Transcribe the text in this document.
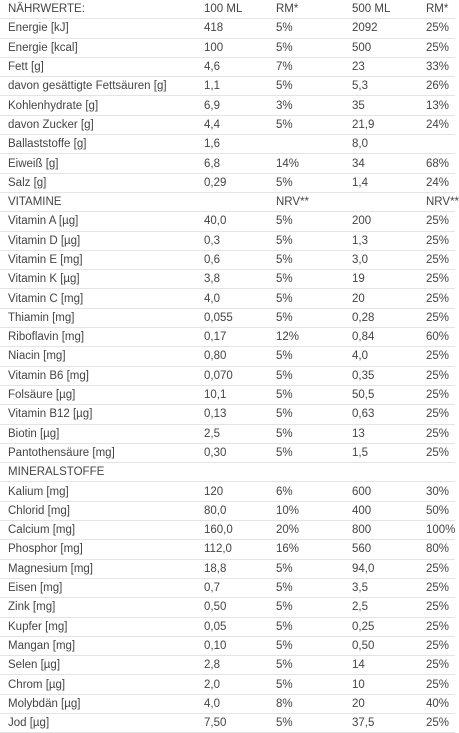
NÄHRWERTE:	100 ML	RM*	500 ML	RM*
Energie [kJ]	418	5%	2092	25%
Energie [kcal]	100	5%	500	25%
Fett [g]	4,6	7%	23	33%
davon gesättigte Fettsäuren [g]	1,1	5%	5,3	26%
Kohlenhydrate [g]	6,9	3%	35	13%
davon Zucker [g]	4,4	5%	21,9	24%
Ballaststoffe [g]	1,6		8,0	
Eiweiß [g]	6,8	14%	34	68%
Salz [g]	0,29	5%	1,4	24%
VITAMINE		NRV**		NRV**
Vitamin A [µg]	40,0	5%	200	25%
Vitamin D [µg]	0,3	5%	1,3	25%
Vitamin E [mg]	0,6	5%	3,0	25%
Vitamin K [µg]	3,8	5%	19	25%
Vitamin C [mg]	4,0	5%	20	25%
Thiamin [mg]	0,055	5%	0,28	25%
Riboflavin [mg]	0,17	12%	0,84	60%
Niacin [mg]	0,80	5%	4,0	25%
Vitamin B6 [mg]	0,070	5%	0,35	25%
Folsäure [µg]	10,1	5%	50,5	25%
Vitamin B12 [µg]	0,13	5%	0,63	25%
Biotin [µg]	2,5	5%	13	25%
Pantothensäure [mg]	0,30	5%	1,5	25%
MINERALSTOFFE				
Kalium [mg]	120	6%	600	30%
Chlorid [mg]	80,0	10%	400	50%
Calcium [mg]	160,0	20%	800	100%
Phosphor [mg]	112,0	16%	560	80%
Magnesium [mg]	18,8	5%	94,0	25%
Eisen [mg]	0,7	5%	3,5	25%
Zink [mg]	0,50	5%	2,5	25%
Kupfer [mg]	0,05	5%	0,25	25%
Mangan [mg]	0,10	5%	0,50	25%
Selen [µg]	2,8	5%	14	25%
Chrom [µg]	2,0	5%	10	25%
Molybdän [µg]	4,0	8%	20	40%
Jod [µg]	7,50	5%	37,5	25%
